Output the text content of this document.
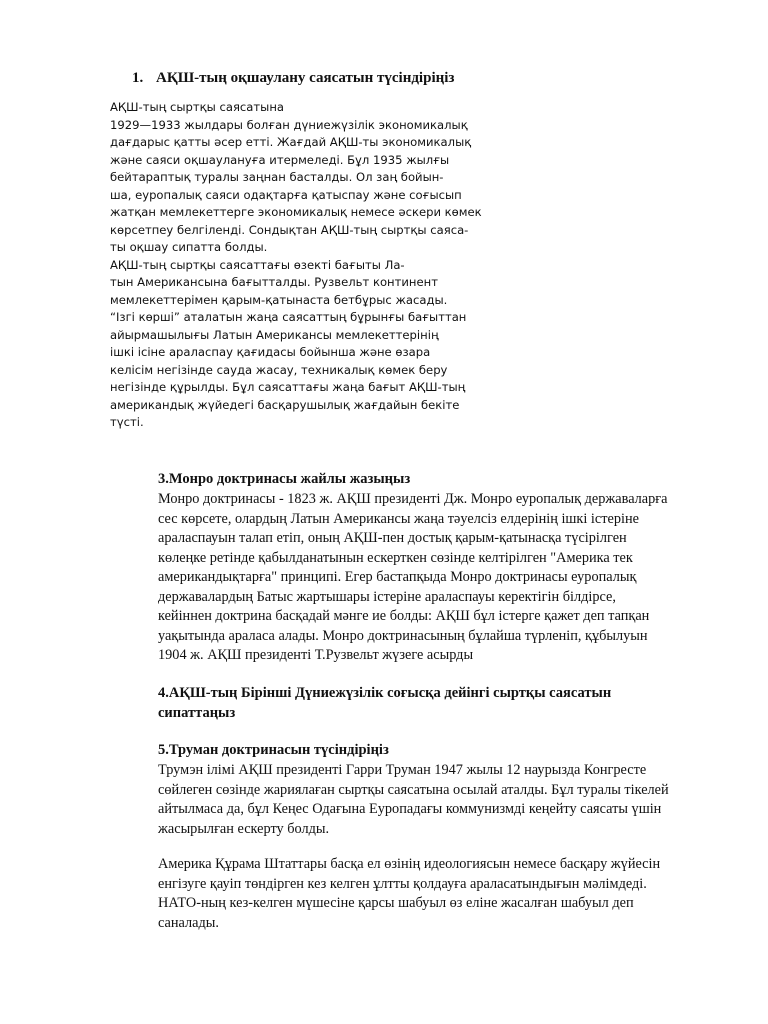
1. АҚШ-тың оқшаулану саясатын түсіндіріңіз
АҚШ-тың сыртқы саясатына
1929—1933 жылдары болған дүниежүзілік экономикалық
дағдарыс қатты әсер етті. Жағдай АҚШ-ты экономикалық
және саяси оқшаулануға итермеледі. Бұл 1935 жылғы
бейтараптық туралы заңнан басталды. Ол заң бойын-
ша, еуропалық саяси одақтарға қатыспау және соғысып
жатқан мемлекеттерге экономикалық немесе әскери көмек
көрсетпеу белгіленді. Сондықтан АҚШ-тың сыртқы саяса-
ты оқшау сипатта болды.
АҚШ-тың сыртқы саясаттағы өзекті бағыты Ла-
тын Американсына бағытталды. Рузвельт континент
мемлекеттерімен қарым-қатынаста бетбұрыс жасады.
“Ізгі көрші” аталатын жаңа саясаттың бұрынғы бағыттан
айырмашылығы Латын Американсы мемлекеттерінің
ішкі ісіне араласпау қағидасы бойынша және өзара
келісім негізінде сауда жасау, техникалық көмек беру
негізінде құрылды. Бұл саясаттағы жаңа бағыт АҚШ-тың
американдық жүйедегі басқарушылық жағдайын бекіте
түсті.
3.Монро доктринасы жайлы жазыңыз
Монро доктринасы - 1823 ж. АҚШ президенті Дж. Монро еуропалық державаларға
сес көрсете, олардың Латын Американсы жаңа тәуелсіз елдерінің ішкі істеріне
араласпауын талап етіп, оның АҚШ-пен достық қарым-қатынасқа түсірілген
көлеңке ретінде қабылданатынын ескерткен сөзінде келтірілген "Америка тек
американдықтарға" принципі. Егер бастапқыда Монро доктринасы еуропалық
державалардың Батыс жартышары істеріне араласпауы керектігін білдірсе,
кейіннен доктрина басқадай мәнге ие болды: АҚШ бұл істерге қажет деп тапқан
уақытында араласа алады. Монро доктринасының бұлайша түрленіп, құбылуын
1904 ж. АҚШ президенті Т.Рузвельт жүзеге асырды
4.АҚШ-тың Бірінші Дүниежүзілік соғысқа дейінгі сыртқы саясатын
сипаттаңыз
5.Труман доктринасын түсіндіріңіз
Трумэн ілімі АҚШ президенті Гарри Труман 1947 жылы 12 наурызда Конгресте
сөйлеген сөзінде жариялаған сыртқы саясатына осылай аталды. Бұл туралы тікелей
айтылмаса да, бұл Кеңес Одағына Еуропадағы коммунизмді кеңейту саясаты үшін
жасырылған ескерту болды.
Америка Құрама Штаттары басқа ел өзінің идеологиясын немесе басқару жүйесін
енгізуге қауіп төндірген кез келген ұлтты қолдауға араласатындығын мәлімдеді.
НАТО-ның кез-келген мүшесіне қарсы шабуыл өз еліне жасалған шабуыл деп
саналады.
